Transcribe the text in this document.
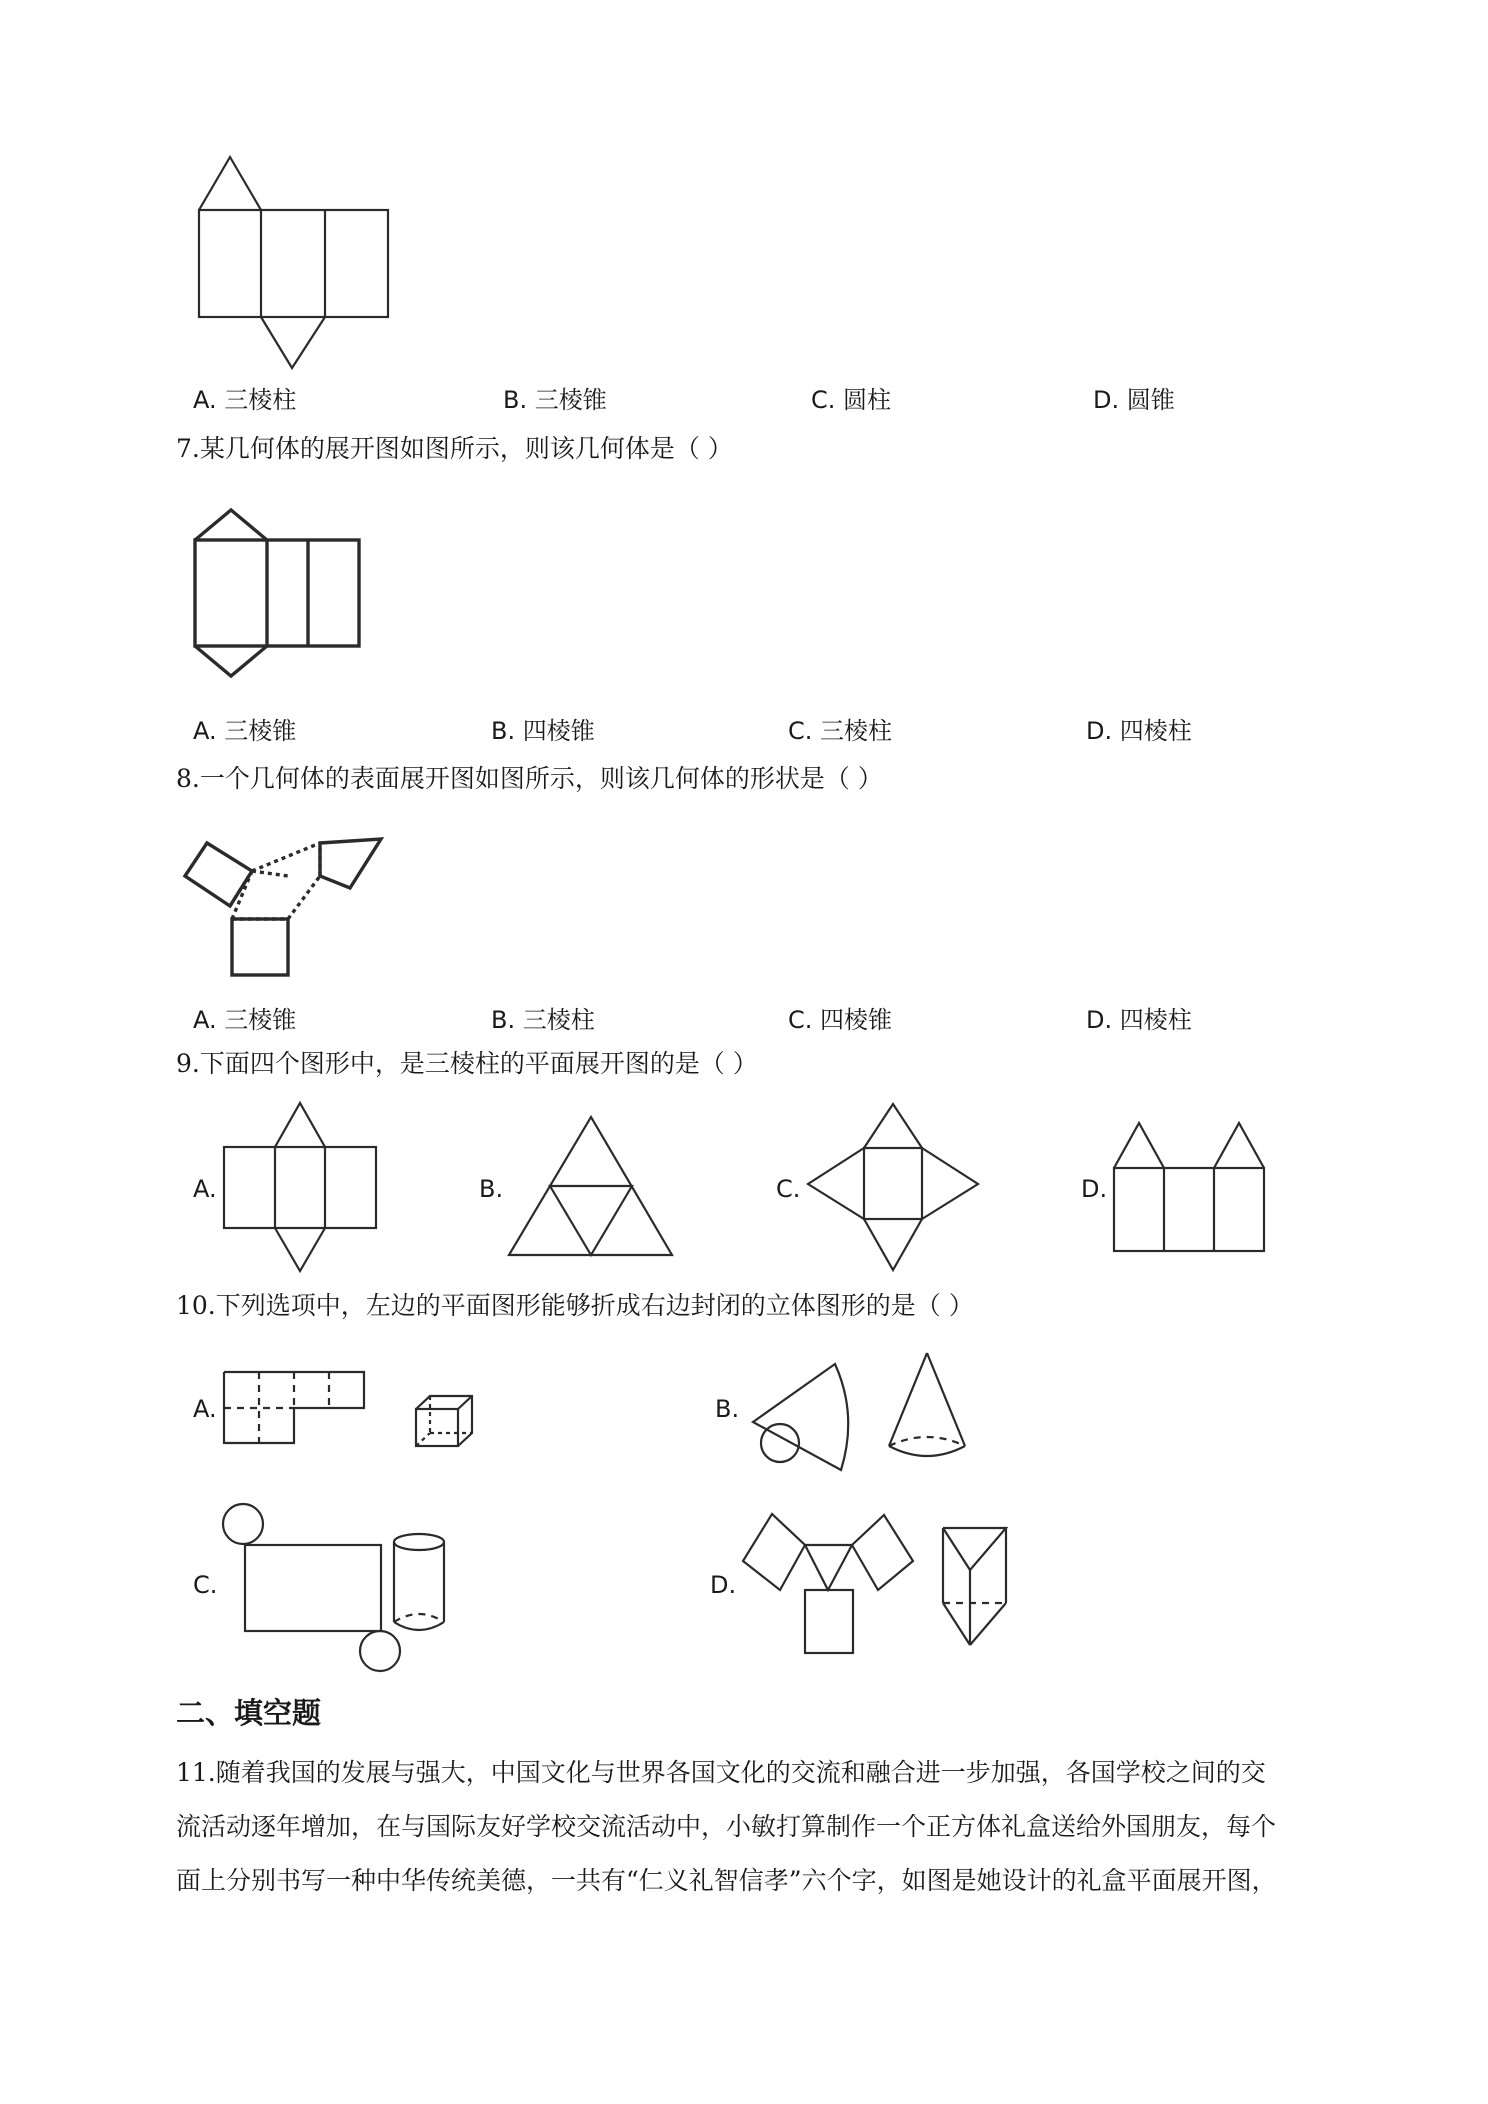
A. 三棱柱	B. 三棱锥	C. 圆柱	D. 圆锥
7.某几何体的展开图如图所示，则该几何体是（ ）
A. 三棱锥	B. 四棱锥	C. 三棱柱	D. 四棱柱
8.一个几何体的表面展开图如图所示，则该几何体的形状是（ ）
A. 三棱锥	B. 三棱柱	C. 四棱锥	D. 四棱柱
9.下面四个图形中，是三棱柱的平面展开图的是（ ）
A.	B.	C.	D.
10.下列选项中，左边的平面图形能够折成右边封闭的立体图形的是（ ）
A.	B.
C.	D.
二、填空题
11.随着我国的发展与强大，中国文化与世界各国文化的交流和融合进一步加强，各国学校之间的交
流活动逐年增加，在与国际友好学校交流活动中，小敏打算制作一个正方体礼盒送给外国朋友，每个
面上分别书写一种中华传统美德，一共有“仁义礼智信孝”六个字，如图是她设计的礼盒平面展开图，
